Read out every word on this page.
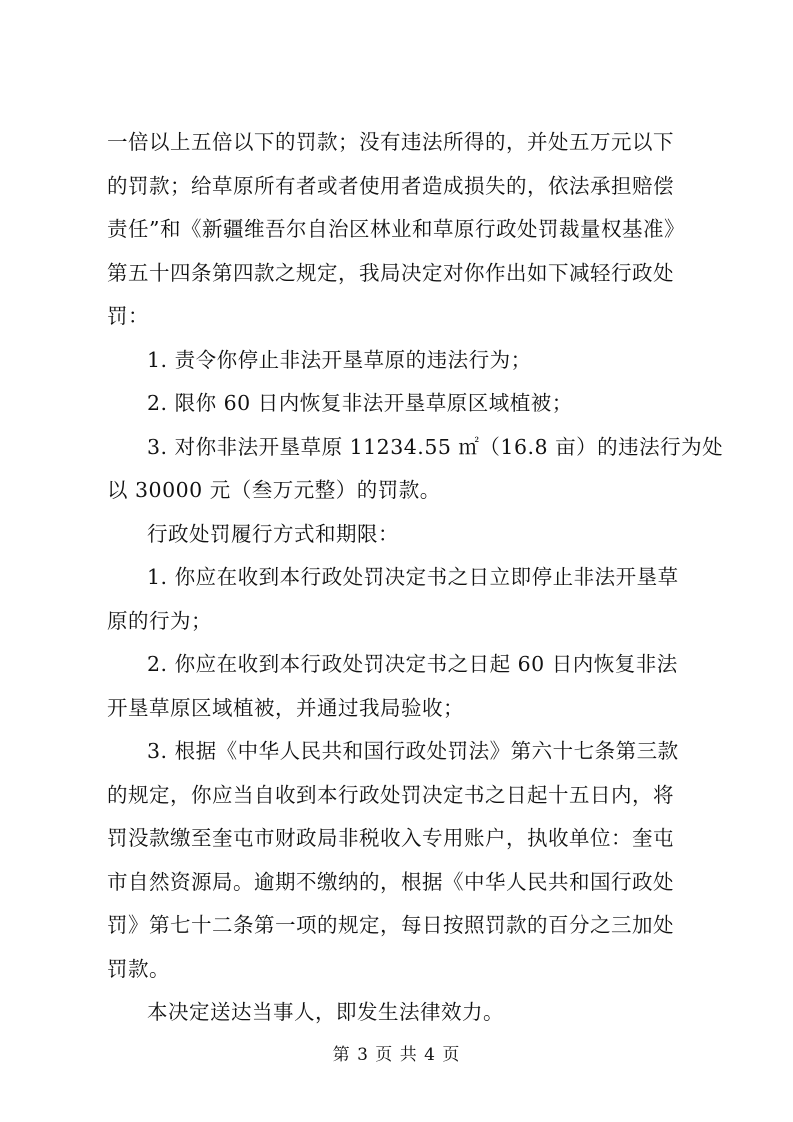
一倍以上五倍以下的罚款；没有违法所得的，并处五万元以下
的罚款；给草原所有者或者使用者造成损失的，依法承担赔偿
责任”和《新疆维吾尔自治区林业和草原行政处罚裁量权基准》
第五十四条第四款之规定，我局决定对你作出如下减轻行政处
罚：
1. 责令你停止非法开垦草原的违法行为；
2. 限你 60 日内恢复非法开垦草原区域植被；
3. 对你非法开垦草原 11234.55 ㎡（16.8 亩）的违法行为处
以 30000 元（叁万元整）的罚款。
行政处罚履行方式和期限：
1. 你应在收到本行政处罚决定书之日立即停止非法开垦草
原的行为；
2. 你应在收到本行政处罚决定书之日起 60 日内恢复非法
开垦草原区域植被，并通过我局验收；
3. 根据《中华人民共和国行政处罚法》第六十七条第三款
的规定，你应当自收到本行政处罚决定书之日起十五日内，将
罚没款缴至奎屯市财政局非税收入专用账户，执收单位：奎屯
市自然资源局。逾期不缴纳的，根据《中华人民共和国行政处
罚》第七十二条第一项的规定，每日按照罚款的百分之三加处
罚款。
本决定送达当事人，即发生法律效力。
第 3 页 共 4 页
